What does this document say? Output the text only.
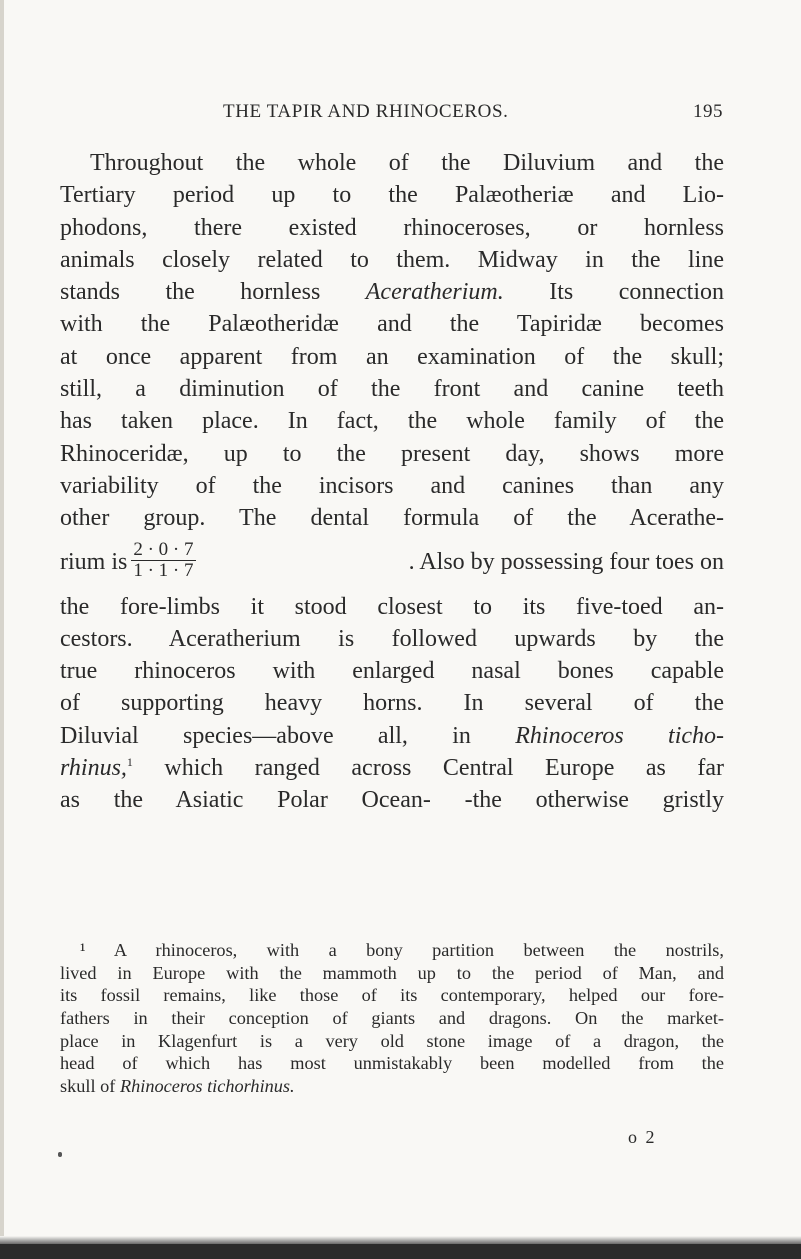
THE TAPIR AND RHINOCEROS.	195
Throughout the whole of the Diluvium and the
Tertiary period up to the Palæotheriæ and Lio-
phodons, there existed rhinoceroses, or hornless
animals closely related to them. Midway in the line
stands the hornless Aceratherium. Its connection
with the Palæotheridæ and the Tapiridæ becomes
at once apparent from an examination of the skull;
still, a diminution of the front and canine teeth
has taken place. In fact, the whole family of the
Rhinoceridæ, up to the present day, shows more
variability of the incisors and canines than any
other group. The dental formula of the Acerathe-
rium is $\frac{2 \cdot 0 \cdot 7}{1 \cdot 1 \cdot 7}$	. Also by possessing four toes on
the fore-limbs it stood closest to its five-toed an-
cestors. Aceratherium is followed upwards by the
true rhinoceros with enlarged nasal bones capable
of supporting heavy horns. In several of the
Diluvial species—above all, in Rhinoceros ticho-
rhinus,$^1$ which ranged across Central Europe as far
as the Asiatic Polar Ocean- -the otherwise gristly
¹ A rhinoceros, with a bony partition between the nostrils,
lived in Europe with the mammoth up to the period of Man, and
its fossil remains, like those of its contemporary, helped our fore-
fathers in their conception of giants and dragons. On the market-
place in Klagenfurt is a very old stone image of a dragon, the
head of which has most unmistakably been modelled from the
skull of Rhinoceros tichorhinus.
o 2
